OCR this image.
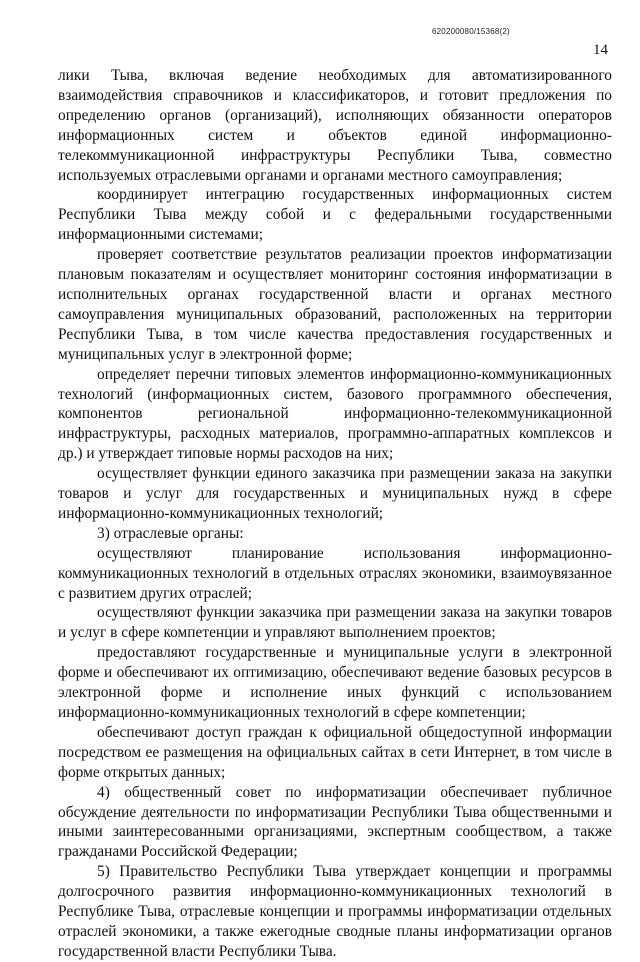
620200080/15368(2)
14

лики Тыва, включая ведение необходимых для автоматизированного взаимодействия справочников и классификаторов, и готовит предложения по определению органов (организаций), исполняющих обязанности операторов информационных систем и объектов единой информационно-телекоммуникационной инфраструктуры Республики Тыва, совместно используемых отраслевыми органами и органами местного самоуправления;

координирует интеграцию государственных информационных систем Республики Тыва между собой и с федеральными государственными информационными системами;

проверяет соответствие результатов реализации проектов информатизации плановым показателям и осуществляет мониторинг состояния информатизации в исполнительных органах государственной власти и органах местного самоуправления муниципальных образований, расположенных на территории Республики Тыва, в том числе качества предоставления государственных и муниципальных услуг в электронной форме;

определяет перечни типовых элементов информационно-коммуникационных технологий (информационных систем, базового программного обеспечения, компонентов региональной информационно-телекоммуникационной инфраструктуры, расходных материалов, программно-аппаратных комплексов и др.) и утверждает типовые нормы расходов на них;

осуществляет функции единого заказчика при размещении заказа на закупки товаров и услуг для государственных и муниципальных нужд в сфере информационно-коммуникационных технологий;

3) отраслевые органы:

осуществляют планирование использования информационно-коммуникационных технологий в отдельных отраслях экономики, взаимоувязанное с развитием других отраслей;

осуществляют функции заказчика при размещении заказа на закупки товаров и услуг в сфере компетенции и управляют выполнением проектов;

предоставляют государственные и муниципальные услуги в электронной форме и обеспечивают их оптимизацию, обеспечивают ведение базовых ресурсов в электронной форме и исполнение иных функций с использованием информационно-коммуникационных технологий в сфере компетенции;

обеспечивают доступ граждан к официальной общедоступной информации посредством ее размещения на официальных сайтах в сети Интернет, в том числе в форме открытых данных;

4) общественный совет по информатизации обеспечивает публичное обсуждение деятельности по информатизации Республики Тыва общественными и иными заинтересованными организациями, экспертным сообществом, а также гражданами Российской Федерации;

5) Правительство Республики Тыва утверждает концепции и программы долгосрочного развития информационно-коммуникационных технологий в Республике Тыва, отраслевые концепции и программы информатизации отдельных отраслей экономики, а также ежегодные сводные планы информатизации органов государственной власти Республики Тыва.
